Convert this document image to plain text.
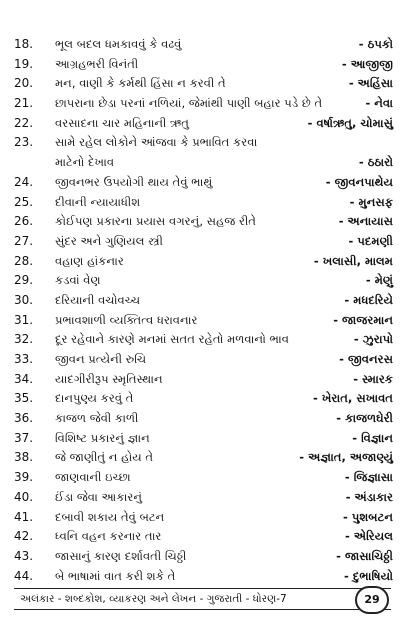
18.	ભૂલ બદલ ધમકાવવું કે વઢવું	- ઠપકો
19.	આગ્રહભરી વિનંતી	- આજીજી
20.	મન, વાણી કે કર્મથી હિંસા ન કરવી તે	- અહિંસા
21.	છાપરાના છેડા પરનાં નળિયાં, જેમાંથી પાણી બહાર પડે છે તે	- નેવા
22.	વરસાદના ચાર મહિનાની ઋતુ	- વર્ષાઋતુ, ચોમાસું
23.	સામે રહેલ લોકોને આંજવા કે પ્રભાવિત કરવા
માટેનો દેખાવ	- ઠઠારો
24.	જીવનભર ઉપયોગી થાય તેવું ભાથું	- જીવનપાથેય
25.	દીવાની ન્યાયાધીશ	- મુનસફ
26.	કોઈપણ પ્રકારના પ્રયાસ વગરનું, સહજ રીતે	- અનાયાસ
27.	સુંદર અને ગુણિયલ સ્ત્રી	- પદમણી
28.	વહાણ હાંકનાર	- ખલાસી, માલમ
29.	કડવાં વેણ	- મેણું
30.	દરિયાની વચોવચ્ચ	- મધદરિયે
31.	પ્રભાવશાળી વ્યક્તિત્વ ધરાવનાર	- જાજરમાન
32.	દૂર રહેવાને કારણે મનમાં સતત રહેતો મળવાનો ભાવ	- ઝુરાપો
33.	જીવન પ્રત્યેની રુચિ	- જીવનરસ
34.	યાદગીરીરૂપ સ્મૃતિસ્થાન	- સ્મારક
35.	દાનપુણ્ય કરવું તે	- ખેરાત, સખાવત
36.	કાજળ જેવી કાળી	- કાજળઘેરી
37.	વિશિષ્ટ પ્રકારનું જ્ઞાન	- વિજ્ઞાન
38.	જે જાણીતું ન હોય તે	- અજ્ઞાત, અજાણ્યું
39.	જાણવાની ઇચ્છા	- જિજ્ઞાસા
40.	ઈંડા જેવા આકારનું	- અંડાકાર
41.	દબાવી શકાય તેવું બટન	- પુશબટન
42.	ધ્વનિ વહન કરનાર તાર	- એરિયલ
43.	જાસાનું કારણ દર્શાવતી ચિઠ્ઠી	- જાસાચિઠ્ઠી
44.	બે ભાષામાં વાત કરી શકે તે	- દુભાષિયો
અલંકાર - શબ્દકોશ, વ્યાકરણ અને લેખન - ગુજરાતી - ધોરણ-7	29
